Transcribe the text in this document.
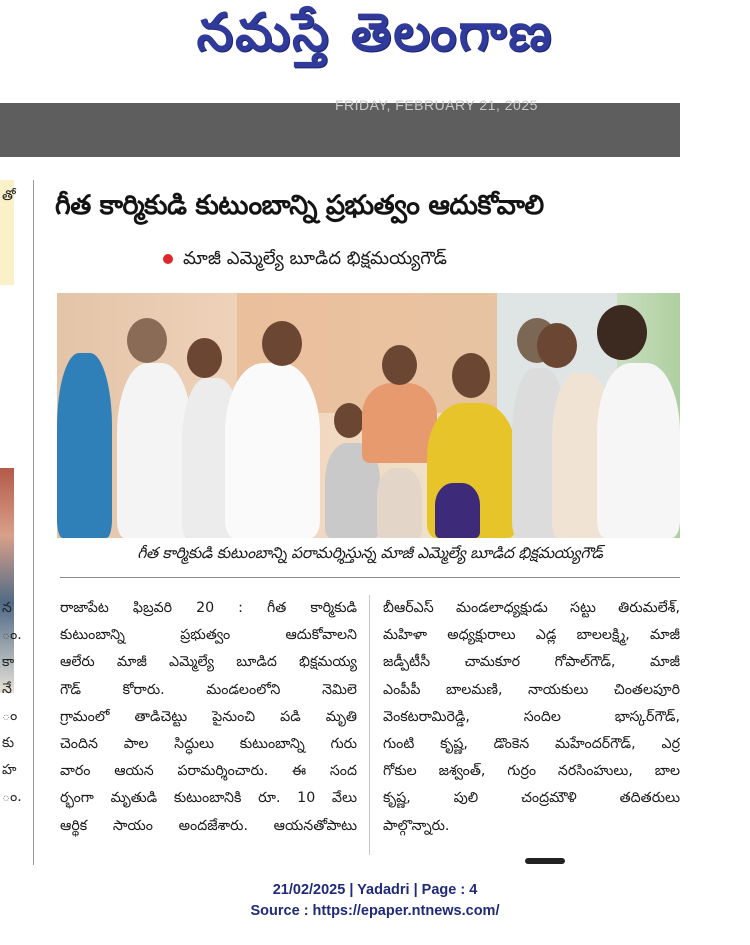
నమస్తే తెలంగాణ
FRIDAY, FEBRUARY 21, 2025
తో
న
ం.
కా
నే
ం
కు
హ
ం.
గీత కార్మికుడి కుటుంబాన్ని ప్రభుత్వం ఆదుకోవాలి
మాజీ ఎమ్మెల్యే బూడిద భిక్షమయ్యగౌడ్
గీత కార్మికుడి కుటుంబాన్ని పరామర్శిస్తున్న మాజీ ఎమ్మెల్యే బూడిద భిక్షమయ్యగౌడ్
రాజాపేట ఫిబ్రవరి 20 : గీత కార్మికుడి
కుటుంబాన్ని ప్రభుత్వం ఆదుకోవాలని
ఆలేరు మాజీ ఎమ్మెల్యే బూడిద భిక్షమయ్య
గౌడ్ కోరారు. మండలంలోని నెమిలె
గ్రామంలో తాడిచెట్టు పైనుంచి పడి మృతి
చెందిన పాల సిద్ధులు కుటుంబాన్ని గురు
వారం ఆయన పరామర్శించారు. ఈ సంద
ర్భంగా మృతుడి కుటుంబానికి రూ. 10 వేలు
ఆర్థిక సాయం అందజేశారు. ఆయనతోపాటు
బీఆర్ఎస్ మండలాధ్యక్షుడు సట్టు తిరుమలేశ్,
మహిళా అధ్యక్షురాలు ఎడ్ల బాలలక్ష్మి, మాజీ
జడ్పీటీసీ చామకూర గోపాల్‌గౌడ్, మాజీ
ఎంపీపీ బాలమణి, నాయకులు చింతలపూరి
వెంకటరామిరెడ్డి, సందిల భాస్కర్‌గౌడ్,
గుంటి కృష్ణ, డొంకెన మహేందర్‌గౌడ్, ఎర్ర
గోకుల జశ్వంత్, గుర్రం నరసింహులు, బాల
కృష్ణ, పులి చంద్రమౌళి తదితరులు
పాల్గొన్నారు.
21/02/2025 | Yadadri | Page : 4
Source : https://epaper.ntnews.com/
